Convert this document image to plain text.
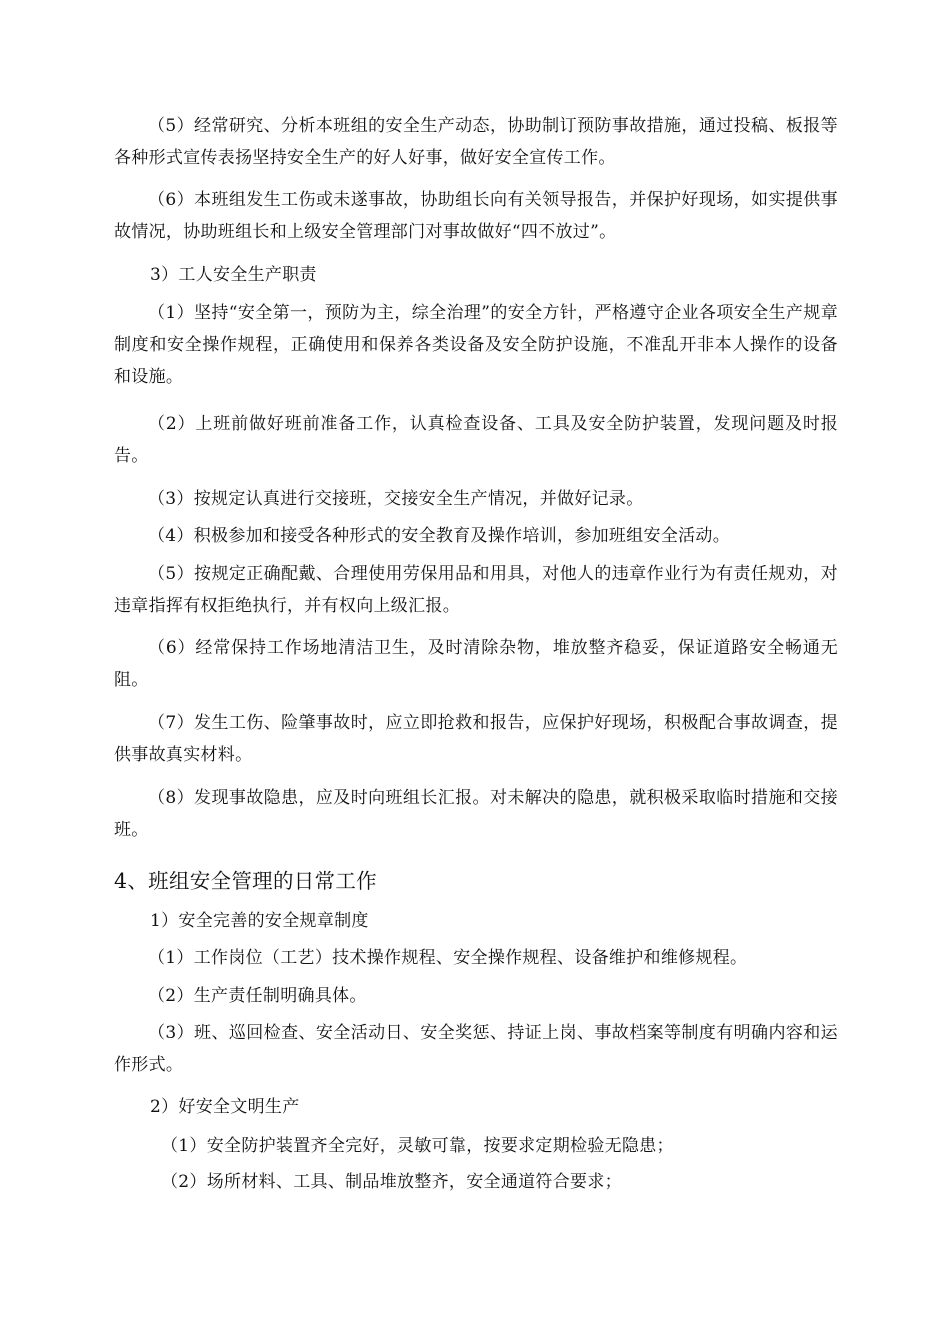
（5）经常研究、分析本班组的安全生产动态，协助制订预防事故措施，通过投稿、板报等各种形式宣传表扬坚持安全生产的好人好事，做好安全宣传工作。

（6）本班组发生工伤或未遂事故，协助组长向有关领导报告，并保护好现场，如实提供事故情况，协助班组长和上级安全管理部门对事故做好“四不放过”。

3）工人安全生产职责

（1）坚持“安全第一，预防为主，综全治理”的安全方针，严格遵守企业各项安全生产规章制度和安全操作规程，正确使用和保养各类设备及安全防护设施，不准乱开非本人操作的设备和设施。

（2）上班前做好班前准备工作，认真检查设备、工具及安全防护装置，发现问题及时报告。

（3）按规定认真进行交接班，交接安全生产情况，并做好记录。

（4）积极参加和接受各种形式的安全教育及操作培训，参加班组安全活动。

（5）按规定正确配戴、合理使用劳保用品和用具，对他人的违章作业行为有责任规劝，对违章指挥有权拒绝执行，并有权向上级汇报。

（6）经常保持工作场地清洁卫生，及时清除杂物，堆放整齐稳妥，保证道路安全畅通无阻。

（7）发生工伤、险肇事故时，应立即抢救和报告，应保护好现场，积极配合事故调查，提供事故真实材料。

（8）发现事故隐患，应及时向班组长汇报。对未解决的隐患，就积极采取临时措施和交接班。

4、班组安全管理的日常工作

1）安全完善的安全规章制度

（1）工作岗位（工艺）技术操作规程、安全操作规程、设备维护和维修规程。

（2）生产责任制明确具体。

（3）班、巡回检查、安全活动日、安全奖惩、持证上岗、事故档案等制度有明确内容和运作形式。

2）好安全文明生产

（1）安全防护装置齐全完好，灵敏可靠，按要求定期检验无隐患；

（2）场所材料、工具、制品堆放整齐，安全通道符合要求；
